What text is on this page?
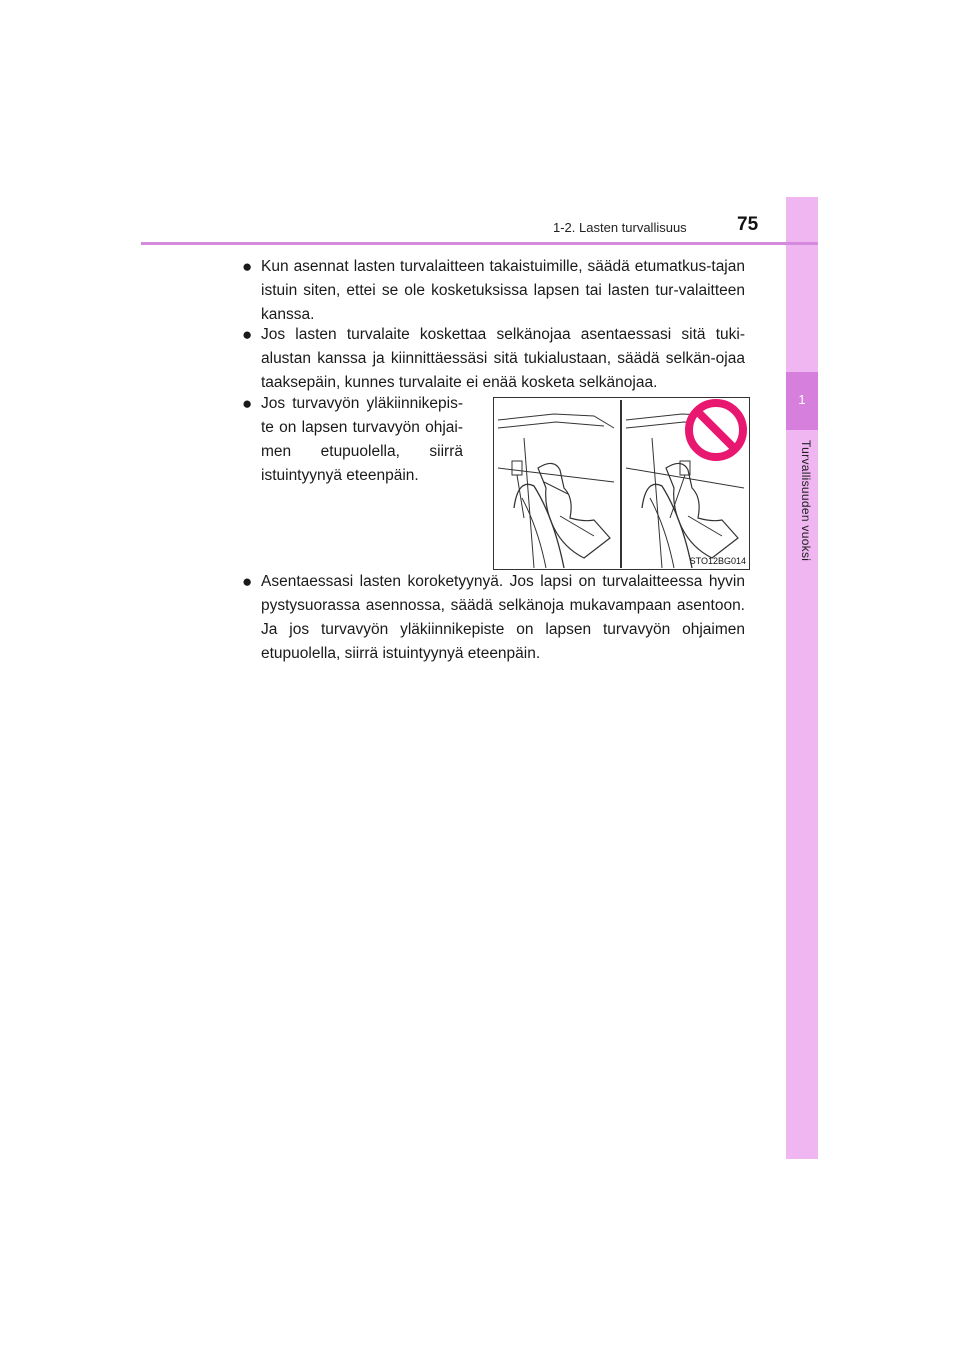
1
Turvallisuuden vuoksi
1-2. Lasten turvallisuus	75
● Kun asennat lasten turvalaitteen takaistuimille, säädä etumatkus-tajan istuin siten, ettei se ole kosketuksissa lapsen tai lasten tur-valaitteen kanssa.
● Jos lasten turvalaite koskettaa selkänojaa asentaessasi sitä tuki-alustan kanssa ja kiinnittäessäsi sitä tukialustaan, säädä selkän-ojaa taaksepäin, kunnes turvalaite ei enää kosketa selkänojaa.
● Jos turvavyön yläkiinnikepis-te on lapsen turvavyön ohjai-men etupuolella, siirrä istuintyynyä eteenpäin.
● Asentaessasi lasten koroketyynyä. Jos lapsi on turvalaitteessa hyvin pystysuorassa asennossa, säädä selkänoja mukavampaan asentoon. Ja jos turvavyön yläkiinnikepiste on lapsen turvavyön ohjaimen etupuolella, siirrä istuintyynyä eteenpäin.
STO12BG014
